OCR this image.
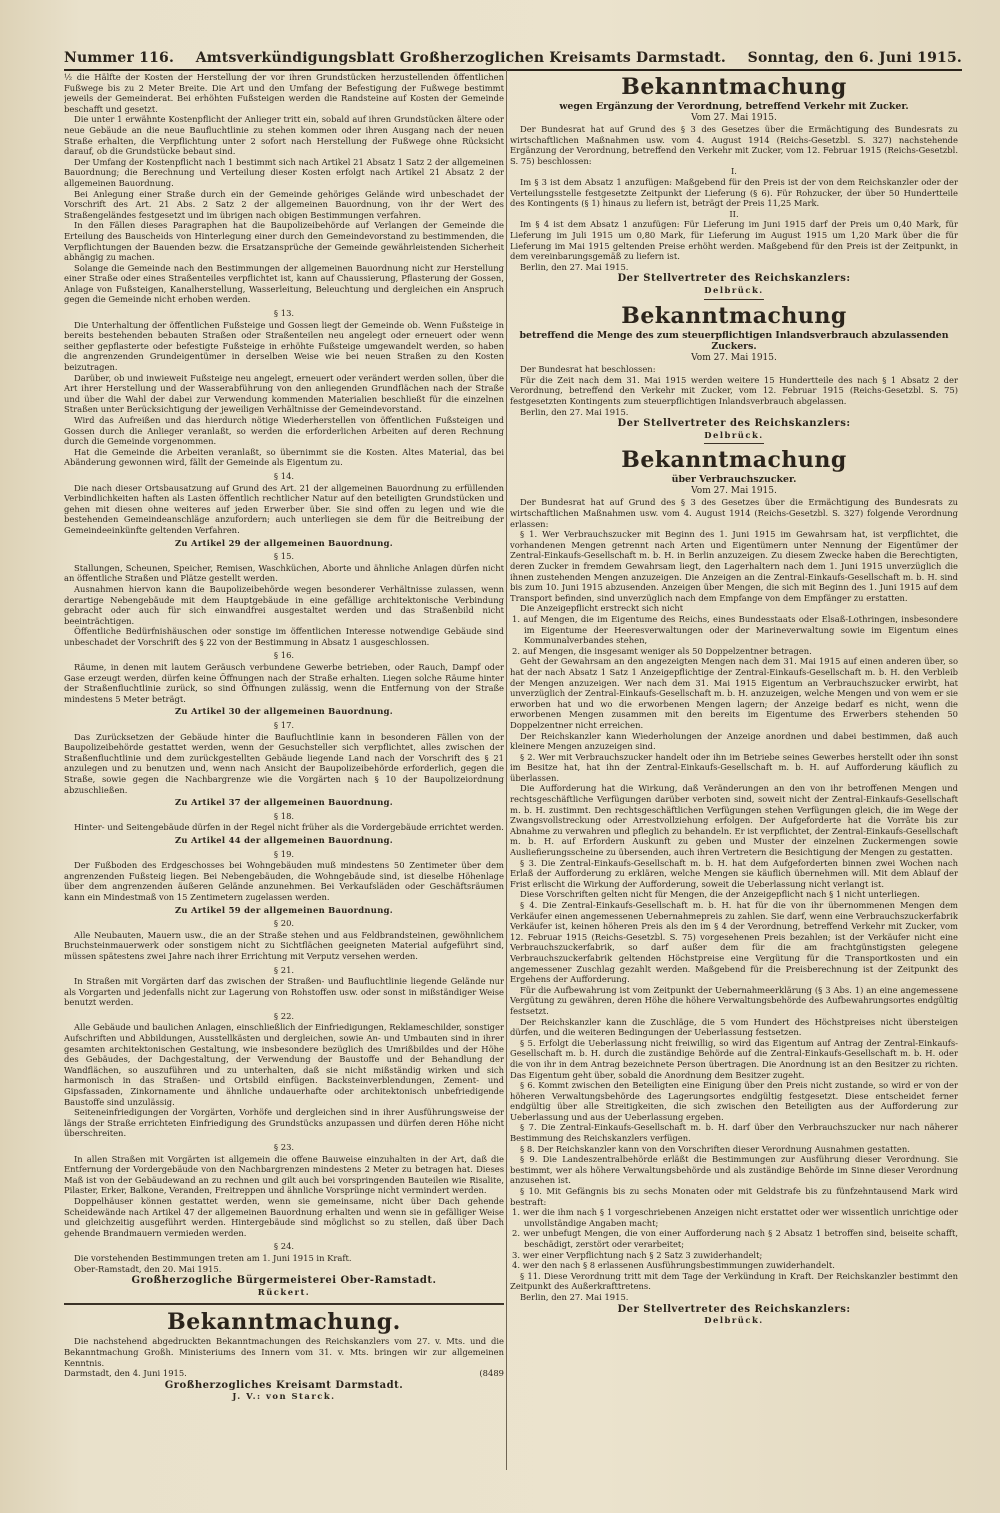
Nummer 116. Amtsverkündigungsblatt Großherzoglichen Kreisamts Darmstadt. Sonntag, den 6. Juni 1915.

½ die Hälfte der Kosten der Herstellung der vor ihren Grundstücken herzustellenden öffentlichen Fußwege bis zu 2 Meter Breite. Die Art und den Umfang der Befestigung der Fußwege bestimmt jeweils der Gemeinderat. Bei erhöhten Fußsteigen werden die Randsteine auf Kosten der Gemeinde beschafft und gesetzt.

Die unter 1 erwähnte Kostenpflicht der Anlieger tritt ein, sobald auf ihren Grundstücken ältere oder neue Gebäude an die neue Baufluchtlinie zu stehen kommen oder ihren Ausgang nach der neuen Straße erhalten, die Verpflichtung unter 2 sofort nach Herstellung der Fußwege ohne Rücksicht darauf, ob die Grundstücke bebaut sind.

Der Umfang der Kostenpflicht nach 1 bestimmt sich nach Artikel 21 Absatz 1 Satz 2 der allgemeinen Bauordnung; die Berechnung und Verteilung dieser Kosten erfolgt nach Artikel 21 Absatz 2 der allgemeinen Bauordnung.

Bei Anlegung einer Straße durch ein der Gemeinde gehöriges Gelände wird unbeschadet der Vorschrift des Art. 21 Abs. 2 Satz 2 der allgemeinen Bauordnung, von ihr der Wert des Straßengeländes festgesetzt und im übrigen nach obigen Bestimmungen verfahren.

In den Fällen dieses Paragraphen hat die Baupolizeibehörde auf Verlangen der Gemeinde die Erteilung des Bauscheids von Hinterlegung einer durch den Gemeindevorstand zu bestimmenden, die Verpflichtungen der Bauenden bezw. die Ersatzansprüche der Gemeinde gewährleistenden Sicherheit abhängig zu machen.

Solange die Gemeinde nach den Bestimmungen der allgemeinen Bauordnung nicht zur Herstellung einer Straße oder eines Straßenteiles verpflichtet ist, kann auf Chaussierung, Pflasterung der Gossen, Anlage von Fußsteigen, Kanalherstellung, Wasserleitung, Beleuchtung und dergleichen ein Anspruch gegen die Gemeinde nicht erhoben werden.

§ 13.

Die Unterhaltung der öffentlichen Fußsteige und Gossen liegt der Gemeinde ob. Wenn Fußsteige in bereits bestehenden bebauten Straßen oder Straßenteilen neu angelegt oder erneuert oder wenn seither gepflasterte oder befestigte Fußsteige in erhöhte Fußsteige umgewandelt werden, so haben die angrenzenden Grundeigentümer in derselben Weise wie bei neuen Straßen zu den Kosten beizutragen.

Darüber, ob und inwieweit Fußsteige neu angelegt, erneuert oder verändert werden sollen, über die Art ihrer Herstellung und der Wasserabführung von den anliegenden Grundflächen nach der Straße und über die Wahl der dabei zur Verwendung kommenden Materialien beschließt für die einzelnen Straßen unter Berücksichtigung der jeweiligen Verhältnisse der Gemeindevorstand.

Wird das Aufreißen und das hierdurch nötige Wiederherstellen von öffentlichen Fußsteigen und Gossen durch die Anlieger veranlaßt, so werden die erforderlichen Arbeiten auf deren Rechnung durch die Gemeinde vorgenommen.

Hat die Gemeinde die Arbeiten veranlaßt, so übernimmt sie die Kosten. Altes Material, das bei Abänderung gewonnen wird, fällt der Gemeinde als Eigentum zu.

§ 14.

Die nach dieser Ortsbausatzung auf Grund des Art. 21 der allgemeinen Bauordnung zu erfüllenden Verbindlichkeiten haften als Lasten öffentlich rechtlicher Natur auf den beteiligten Grundstücken und gehen mit diesen ohne weiteres auf jeden Erwerber über. Sie sind offen zu legen und wie die bestehenden Gemeindeanschläge anzufordern; auch unterliegen sie dem für die Beitreibung der Gemeindeeinkünfte geltenden Verfahren.

Zu Artikel 29 der allgemeinen Bauordnung.

§ 15.

Stallungen, Scheunen, Speicher, Remisen, Waschküchen, Aborte und ähnliche Anlagen dürfen nicht an öffentliche Straßen und Plätze gestellt werden.

Ausnahmen hiervon kann die Baupolizeibehörde wegen besonderer Verhältnisse zulassen, wenn derartige Nebengebäude mit dem Hauptgebäude in eine gefällige architektonische Verbindung gebracht oder auch für sich einwandfrei ausgestaltet werden und das Straßenbild nicht beeinträchtigen.

Öffentliche Bedürfnishäuschen oder sonstige im öffentlichen Interesse notwendige Gebäude sind unbeschadet der Vorschrift des § 22 von der Bestimmung in Absatz 1 ausgeschlossen.

§ 16.

Räume, in denen mit lautem Geräusch verbundene Gewerbe betrieben, oder Rauch, Dampf oder Gase erzeugt werden, dürfen keine Öffnungen nach der Straße erhalten. Liegen solche Räume hinter der Straßenfluchtlinie zurück, so sind Öffnungen zulässig, wenn die Entfernung von der Straße mindestens 5 Meter beträgt.

Zu Artikel 30 der allgemeinen Bauordnung.

§ 17.

Das Zurücksetzen der Gebäude hinter die Baufluchtlinie kann in besonderen Fällen von der Baupolizeibehörde gestattet werden, wenn der Gesuchsteller sich verpflichtet, alles zwischen der Straßenfluchtlinie und dem zurückgestellten Gebäude liegende Land nach der Vorschrift des § 21 anzulegen und zu benutzen und, wenn nach Ansicht der Baupolizeibehörde erforderlich, gegen die Straße, sowie gegen die Nachbargrenze wie die Vorgärten nach § 10 der Baupolizeiordnung abzuschließen.

Zu Artikel 37 der allgemeinen Bauordnung.

§ 18.

Hinter- und Seitengebäude dürfen in der Regel nicht früher als die Vordergebäude errichtet werden.

Zu Artikel 44 der allgemeinen Bauordnung.

§ 19.

Der Fußboden des Erdgeschosses bei Wohngebäuden muß mindestens 50 Zentimeter über dem angrenzenden Fußsteig liegen. Bei Nebengebäuden, die Wohngebäude sind, ist dieselbe Höhenlage über dem angrenzenden äußeren Gelände anzunehmen. Bei Verkaufsläden oder Geschäftsräumen kann ein Mindestmaß von 15 Zentimetern zugelassen werden.

Zu Artikel 59 der allgemeinen Bauordnung.

§ 20.

Alle Neubauten, Mauern usw., die an der Straße stehen und aus Feldbrandsteinen, gewöhnlichem Bruchsteinmauerwerk oder sonstigem nicht zu Sichtflächen geeigneten Material aufgeführt sind, müssen spätestens zwei Jahre nach ihrer Errichtung mit Verputz versehen werden.

§ 21.

In Straßen mit Vorgärten darf das zwischen der Straßen- und Baufluchtlinie liegende Gelände nur als Vorgarten und jedenfalls nicht zur Lagerung von Rohstoffen usw. oder sonst in mißständiger Weise benutzt werden.

§ 22.

Alle Gebäude und baulichen Anlagen, einschließlich der Einfriedigungen, Reklameschilder, sonstiger Aufschriften und Abbildungen, Ausstellkästen und dergleichen, sowie An- und Umbauten sind in ihrer gesamten architektonischen Gestaltung, wie insbesondere bezüglich des Umrißbildes und der Höhe des Gebäudes, der Dachgestaltung, der Verwendung der Baustoffe und der Behandlung der Wandflächen, so auszuführen und zu unterhalten, daß sie nicht mißständig wirken und sich harmonisch in das Straßen- und Ortsbild einfügen. Backsteinverblendungen, Zement- und Gipsfassaden, Zinkornamente und ähnliche undauerhafte oder architektonisch unbefriedigende Baustoffe sind unzulässig.

Seiteneinfriedigungen der Vorgärten, Vorhöfe und dergleichen sind in ihrer Ausführungsweise der längs der Straße errichteten Einfriedigung des Grundstücks anzupassen und dürfen deren Höhe nicht überschreiten.

§ 23.

In allen Straßen mit Vorgärten ist allgemein die offene Bauweise einzuhalten in der Art, daß die Entfernung der Vordergebäude von den Nachbargrenzen mindestens 2 Meter zu betragen hat. Dieses Maß ist von der Gebäudewand an zu rechnen und gilt auch bei vorspringenden Bauteilen wie Risalite, Pilaster, Erker, Balkone, Veranden, Freitreppen und ähnliche Vorsprünge nicht vermindert werden.

Doppelhäuser können gestattet werden, wenn sie gemeinsame, nicht über Dach gehende Scheidewände nach Artikel 47 der allgemeinen Bauordnung erhalten und wenn sie in gefälliger Weise und gleichzeitig ausgeführt werden. Hintergebäude sind möglichst so zu stellen, daß über Dach gehende Brandmauern vermieden werden.

§ 24.

Die vorstehenden Bestimmungen treten am 1. Juni 1915 in Kraft.

Ober-Ramstadt, den 20. Mai 1915.

Großherzogliche Bürgermeisterei Ober-Ramstadt.

Rückert.

Bekanntmachung.

Die nachstehend abgedruckten Bekanntmachungen des Reichskanzlers vom 27. v. Mts. und die Bekanntmachung Großh. Ministeriums des Innern vom 31. v. Mts. bringen wir zur allgemeinen Kenntnis.

Darmstadt, den 4. Juni 1915.	(8489

Großherzogliches Kreisamt Darmstadt.

J. V.: von Starck.

Bekanntmachung

wegen Ergänzung der Verordnung, betreffend Verkehr mit Zucker.

Vom 27. Mai 1915.

Der Bundesrat hat auf Grund des § 3 des Gesetzes über die Ermächtigung des Bundesrats zu wirtschaftlichen Maßnahmen usw. vom 4. August 1914 (Reichs-Gesetzbl. S. 327) nachstehende Ergänzung der Verordnung, betreffend den Verkehr mit Zucker, vom 12. Februar 1915 (Reichs-Gesetzbl. S. 75) beschlossen:

I.

Im § 3 ist dem Absatz 1 anzufügen: Maßgebend für den Preis ist der von dem Reichskanzler oder der Verteilungsstelle festgesetzte Zeitpunkt der Lieferung (§ 6). Für Rohzucker, der über 50 Hundertteile des Kontingents (§ 1) hinaus zu liefern ist, beträgt der Preis 11,25 Mark.

II.

Im § 4 ist dem Absatz 1 anzufügen: Für Lieferung im Juni 1915 darf der Preis um 0,40 Mark, für Lieferung im Juli 1915 um 0,80 Mark, für Lieferung im August 1915 um 1,20 Mark über die für Lieferung im Mai 1915 geltenden Preise erhöht werden. Maßgebend für den Preis ist der Zeitpunkt, in dem vereinbarungsgemäß zu liefern ist.

Berlin, den 27. Mai 1915.

Der Stellvertreter des Reichskanzlers:

Delbrück.

Bekanntmachung

betreffend die Menge des zum steuerpflichtigen Inlandsverbrauch abzulassenden Zuckers.

Vom 27. Mai 1915.

Der Bundesrat hat beschlossen:

Für die Zeit nach dem 31. Mai 1915 werden weitere 15 Hundertteile des nach § 1 Absatz 2 der Verordnung, betreffend den Verkehr mit Zucker, vom 12. Februar 1915 (Reichs-Gesetzbl. S. 75) festgesetzten Kontingents zum steuerpflichtigen Inlandsverbrauch abgelassen.

Berlin, den 27. Mai 1915.

Der Stellvertreter des Reichskanzlers:

Delbrück.

Bekanntmachung

über Verbrauchszucker.

Vom 27. Mai 1915.

Der Bundesrat hat auf Grund des § 3 des Gesetzes über die Ermächtigung des Bundesrats zu wirtschaftlichen Maßnahmen usw. vom 4. August 1914 (Reichs-Gesetzbl. S. 327) folgende Verordnung erlassen:

§ 1. Wer Verbrauchszucker mit Beginn des 1. Juni 1915 im Gewahrsam hat, ist verpflichtet, die vorhandenen Mengen getrennt nach Arten und Eigentümern unter Nennung der Eigentümer der Zentral-Einkaufs-Gesellschaft m. b. H. in Berlin anzuzeigen. Zu diesem Zwecke haben die Berechtigten, deren Zucker in fremdem Gewahrsam liegt, den Lagerhaltern nach dem 1. Juni 1915 unverzüglich die ihnen zustehenden Mengen anzuzeigen. Die Anzeigen an die Zentral-Einkaufs-Gesellschaft m. b. H. sind bis zum 10. Juni 1915 abzusenden. Anzeigen über Mengen, die sich mit Beginn des 1. Juni 1915 auf dem Transport befinden, sind unverzüglich nach dem Empfange von dem Empfänger zu erstatten.

Die Anzeigepflicht erstreckt sich nicht

1. auf Mengen, die im Eigentume des Reichs, eines Bundesstaats oder Elsaß-Lothringen, insbesondere im Eigentume der Heeresverwaltungen oder der Marineverwaltung sowie im Eigentum eines Kommunalverbandes stehen,

2. auf Mengen, die insgesamt weniger als 50 Doppelzentner betragen.

Geht der Gewahrsam an den angezeigten Mengen nach dem 31. Mai 1915 auf einen anderen über, so hat der nach Absatz 1 Satz 1 Anzeigepflichtige der Zentral-Einkaufs-Gesellschaft m. b. H. den Verbleib der Mengen anzuzeigen. Wer nach dem 31. Mai 1915 Eigentum an Verbrauchszucker erwirbt, hat unverzüglich der Zentral-Einkaufs-Gesellschaft m. b. H. anzuzeigen, welche Mengen und von wem er sie erworben hat und wo die erworbenen Mengen lagern; der Anzeige bedarf es nicht, wenn die erworbenen Mengen zusammen mit den bereits im Eigentume des Erwerbers stehenden 50 Doppelzentner nicht erreichen.

Der Reichskanzler kann Wiederholungen der Anzeige anordnen und dabei bestimmen, daß auch kleinere Mengen anzuzeigen sind.

§ 2. Wer mit Verbrauchszucker handelt oder ihn im Betriebe seines Gewerbes herstellt oder ihn sonst im Besitze hat, hat ihn der Zentral-Einkaufs-Gesellschaft m. b. H. auf Aufforderung käuflich zu überlassen.

Die Aufforderung hat die Wirkung, daß Veränderungen an den von ihr betroffenen Mengen und rechtsgeschäftliche Verfügungen darüber verboten sind, soweit nicht der Zentral-Einkaufs-Gesellschaft m. b. H. zustimmt. Den rechtsgeschäftlichen Verfügungen stehen Verfügungen gleich, die im Wege der Zwangsvollstreckung oder Arrestvollziehung erfolgen. Der Aufgeforderte hat die Vorräte bis zur Abnahme zu verwahren und pfleglich zu behandeln. Er ist verpflichtet, der Zentral-Einkaufs-Gesellschaft m. b. H. auf Erfordern Auskunft zu geben und Muster der einzelnen Zuckermengen sowie Ausliefierungsscheine zu übersenden, auch ihren Vertretern die Besichtigung der Mengen zu gestatten.

§ 3. Die Zentral-Einkaufs-Gesellschaft m. b. H. hat dem Aufgeforderten binnen zwei Wochen nach Erlaß der Aufforderung zu erklären, welche Mengen sie käuflich übernehmen will. Mit dem Ablauf der Frist erlischt die Wirkung der Aufforderung, soweit die Ueberlassung nicht verlangt ist.

Diese Vorschriften gelten nicht für Mengen, die der Anzeigepflicht nach § 1 nicht unterliegen.

§ 4. Die Zentral-Einkaufs-Gesellschaft m. b. H. hat für die von ihr übernommenen Mengen dem Verkäufer einen angemessenen Uebernahmepreis zu zahlen. Sie darf, wenn eine Verbrauchszuckerfabrik Verkäufer ist, keinen höheren Preis als den im § 4 der Verordnung, betreffend Verkehr mit Zucker, vom 12. Februar 1915 (Reichs-Gesetzbl. S. 75) vorgesehenen Preis bezahlen; ist der Verkäufer nicht eine Verbrauchszuckerfabrik, so darf außer dem für die am frachtgünstigsten gelegene Verbrauchszuckerfabrik geltenden Höchstpreise eine Vergütung für die Transportkosten und ein angemessener Zuschlag gezahlt werden. Maßgebend für die Preisberechnung ist der Zeitpunkt des Ergehens der Aufforderung.

Für die Aufbewahrung ist vom Zeitpunkt der Uebernahmeerklärung (§ 3 Abs. 1) an eine angemessene Vergütung zu gewähren, deren Höhe die höhere Verwaltungsbehörde des Aufbewahrungsortes endgültig festsetzt.

Der Reichskanzler kann die Zuschläge, die 5 vom Hundert des Höchstpreises nicht übersteigen dürfen, und die weiteren Bedingungen der Ueberlassung festsetzen.

§ 5. Erfolgt die Ueberlassung nicht freiwillig, so wird das Eigentum auf Antrag der Zentral-Einkaufs-Gesellschaft m. b. H. durch die zuständige Behörde auf die Zentral-Einkaufs-Gesellschaft m. b. H. oder die von ihr in dem Antrag bezeichnete Person übertragen. Die Anordnung ist an den Besitzer zu richten. Das Eigentum geht über, sobald die Anordnung dem Besitzer zugeht.

§ 6. Kommt zwischen den Beteiligten eine Einigung über den Preis nicht zustande, so wird er von der höheren Verwaltungsbehörde des Lagerungsortes endgültig festgesetzt. Diese entscheidet ferner endgültig über alle Streitigkeiten, die sich zwischen den Beteiligten aus der Aufforderung zur Ueberlassung und aus der Ueberlassung ergeben.

§ 7. Die Zentral-Einkaufs-Gesellschaft m. b. H. darf über den Verbrauchszucker nur nach näherer Bestimmung des Reichskanzlers verfügen.

§ 8. Der Reichskanzler kann von den Vorschriften dieser Verordnung Ausnahmen gestatten.

§ 9. Die Landeszentralbehörde erläßt die Bestimmungen zur Ausführung dieser Verordnung. Sie bestimmt, wer als höhere Verwaltungsbehörde und als zuständige Behörde im Sinne dieser Verordnung anzusehen ist.

§ 10. Mit Gefängnis bis zu sechs Monaten oder mit Geldstrafe bis zu fünfzehntausend Mark wird bestraft:

1. wer die ihm nach § 1 vorgeschriebenen Anzeigen nicht erstattet oder wer wissentlich unrichtige oder unvollständige Angaben macht;

2. wer unbefugt Mengen, die von einer Aufforderung nach § 2 Absatz 1 betroffen sind, beiseite schafft, beschädigt, zerstört oder verarbeitet;

3. wer einer Verpflichtung nach § 2 Satz 3 zuwiderhandelt;

4. wer den nach § 8 erlassenen Ausführungsbestimmungen zuwiderhandelt.

§ 11. Diese Verordnung tritt mit dem Tage der Verkündung in Kraft. Der Reichskanzler bestimmt den Zeitpunkt des Außerkrafttretens.

Berlin, den 27. Mai 1915.

Der Stellvertreter des Reichskanzlers:

Delbrück.
